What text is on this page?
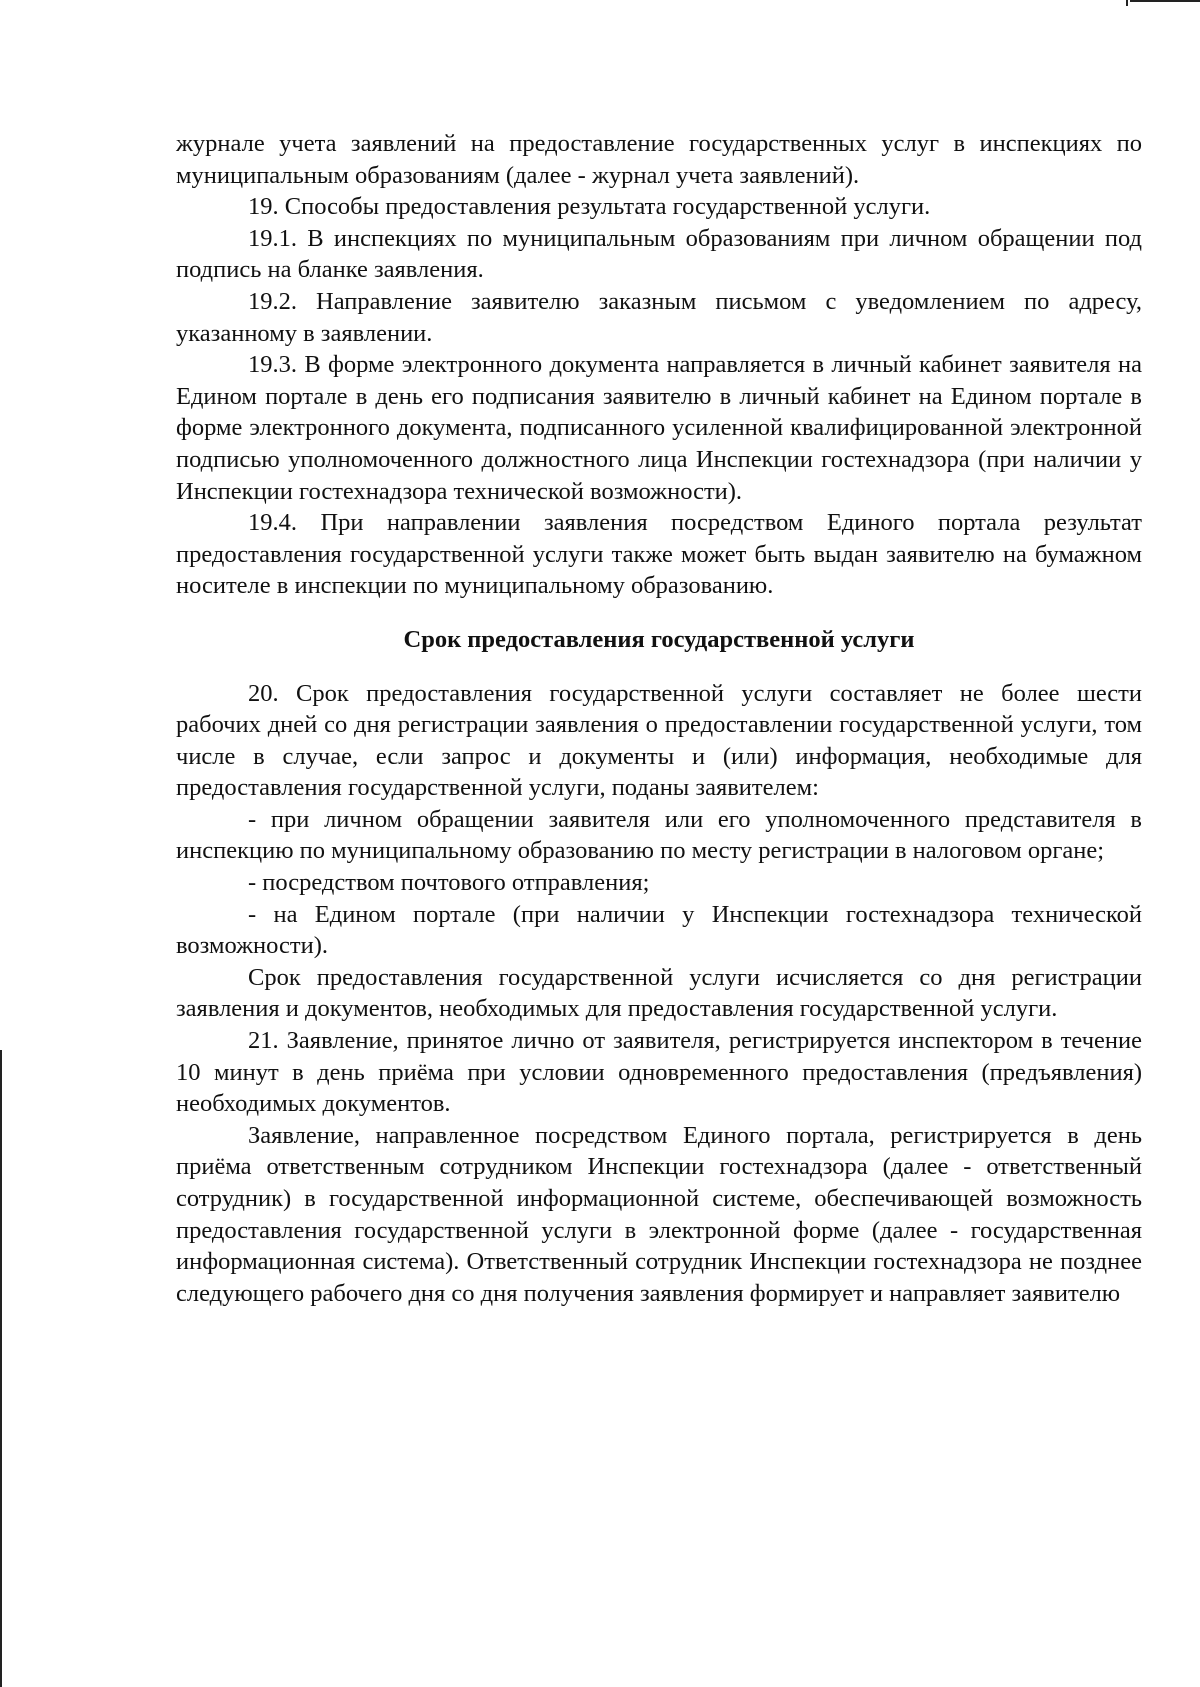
журнале учета заявлений на предоставление государственных услуг в инспекциях по муниципальным образованиям (далее - журнал учета заявлений).

19. Способы предоставления результата государственной услуги.

19.1. В инспекциях по муниципальным образованиям при личном обращении под подпись на бланке заявления.

19.2. Направление заявителю заказным письмом с уведомлением по адресу, указанному в заявлении.

19.3. В форме электронного документа направляется в личный кабинет заявителя на Едином портале в день его подписания заявителю в личный кабинет на Едином портале в форме электронного документа, подписанного усиленной квалифицированной электронной подписью уполномоченного должностного лица Инспекции гостехнадзора (при наличии у Инспекции гостехнадзора технической возможности).

19.4. При направлении заявления посредством Единого портала результат предоставления государственной услуги также может быть выдан заявителю на бумажном носителе в инспекции по муниципальному образованию.

Срок предоставления государственной услуги

20. Срок предоставления государственной услуги составляет не более шести рабочих дней со дня регистрации заявления о предоставлении государственной услуги, том числе в случае, если запрос и документы и (или) информация, необходимые для предоставления государственной услуги, поданы заявителем:

- при личном обращении заявителя или его уполномоченного представителя в инспекцию по муниципальному образованию по месту регистрации в налоговом органе;

- посредством почтового отправления;

- на Едином портале (при наличии у Инспекции гостехнадзора технической возможности).

Срок предоставления государственной услуги исчисляется со дня регистрации заявления и документов, необходимых для предоставления государственной услуги.

21. Заявление, принятое лично от заявителя, регистрируется инспектором в течение 10 минут в день приёма при условии одновременного предоставления (предъявления) необходимых документов.

Заявление, направленное посредством Единого портала, регистрируется в день приёма ответственным сотрудником Инспекции гостехнадзора (далее - ответственный сотрудник) в государственной информационной системе, обеспечивающей возможность предоставления государственной услуги в электронной форме (далее - государственная информационная система). Ответственный сотрудник Инспекции гостехнадзора не позднее следующего рабочего дня со дня получения заявления формирует и направляет заявителю
